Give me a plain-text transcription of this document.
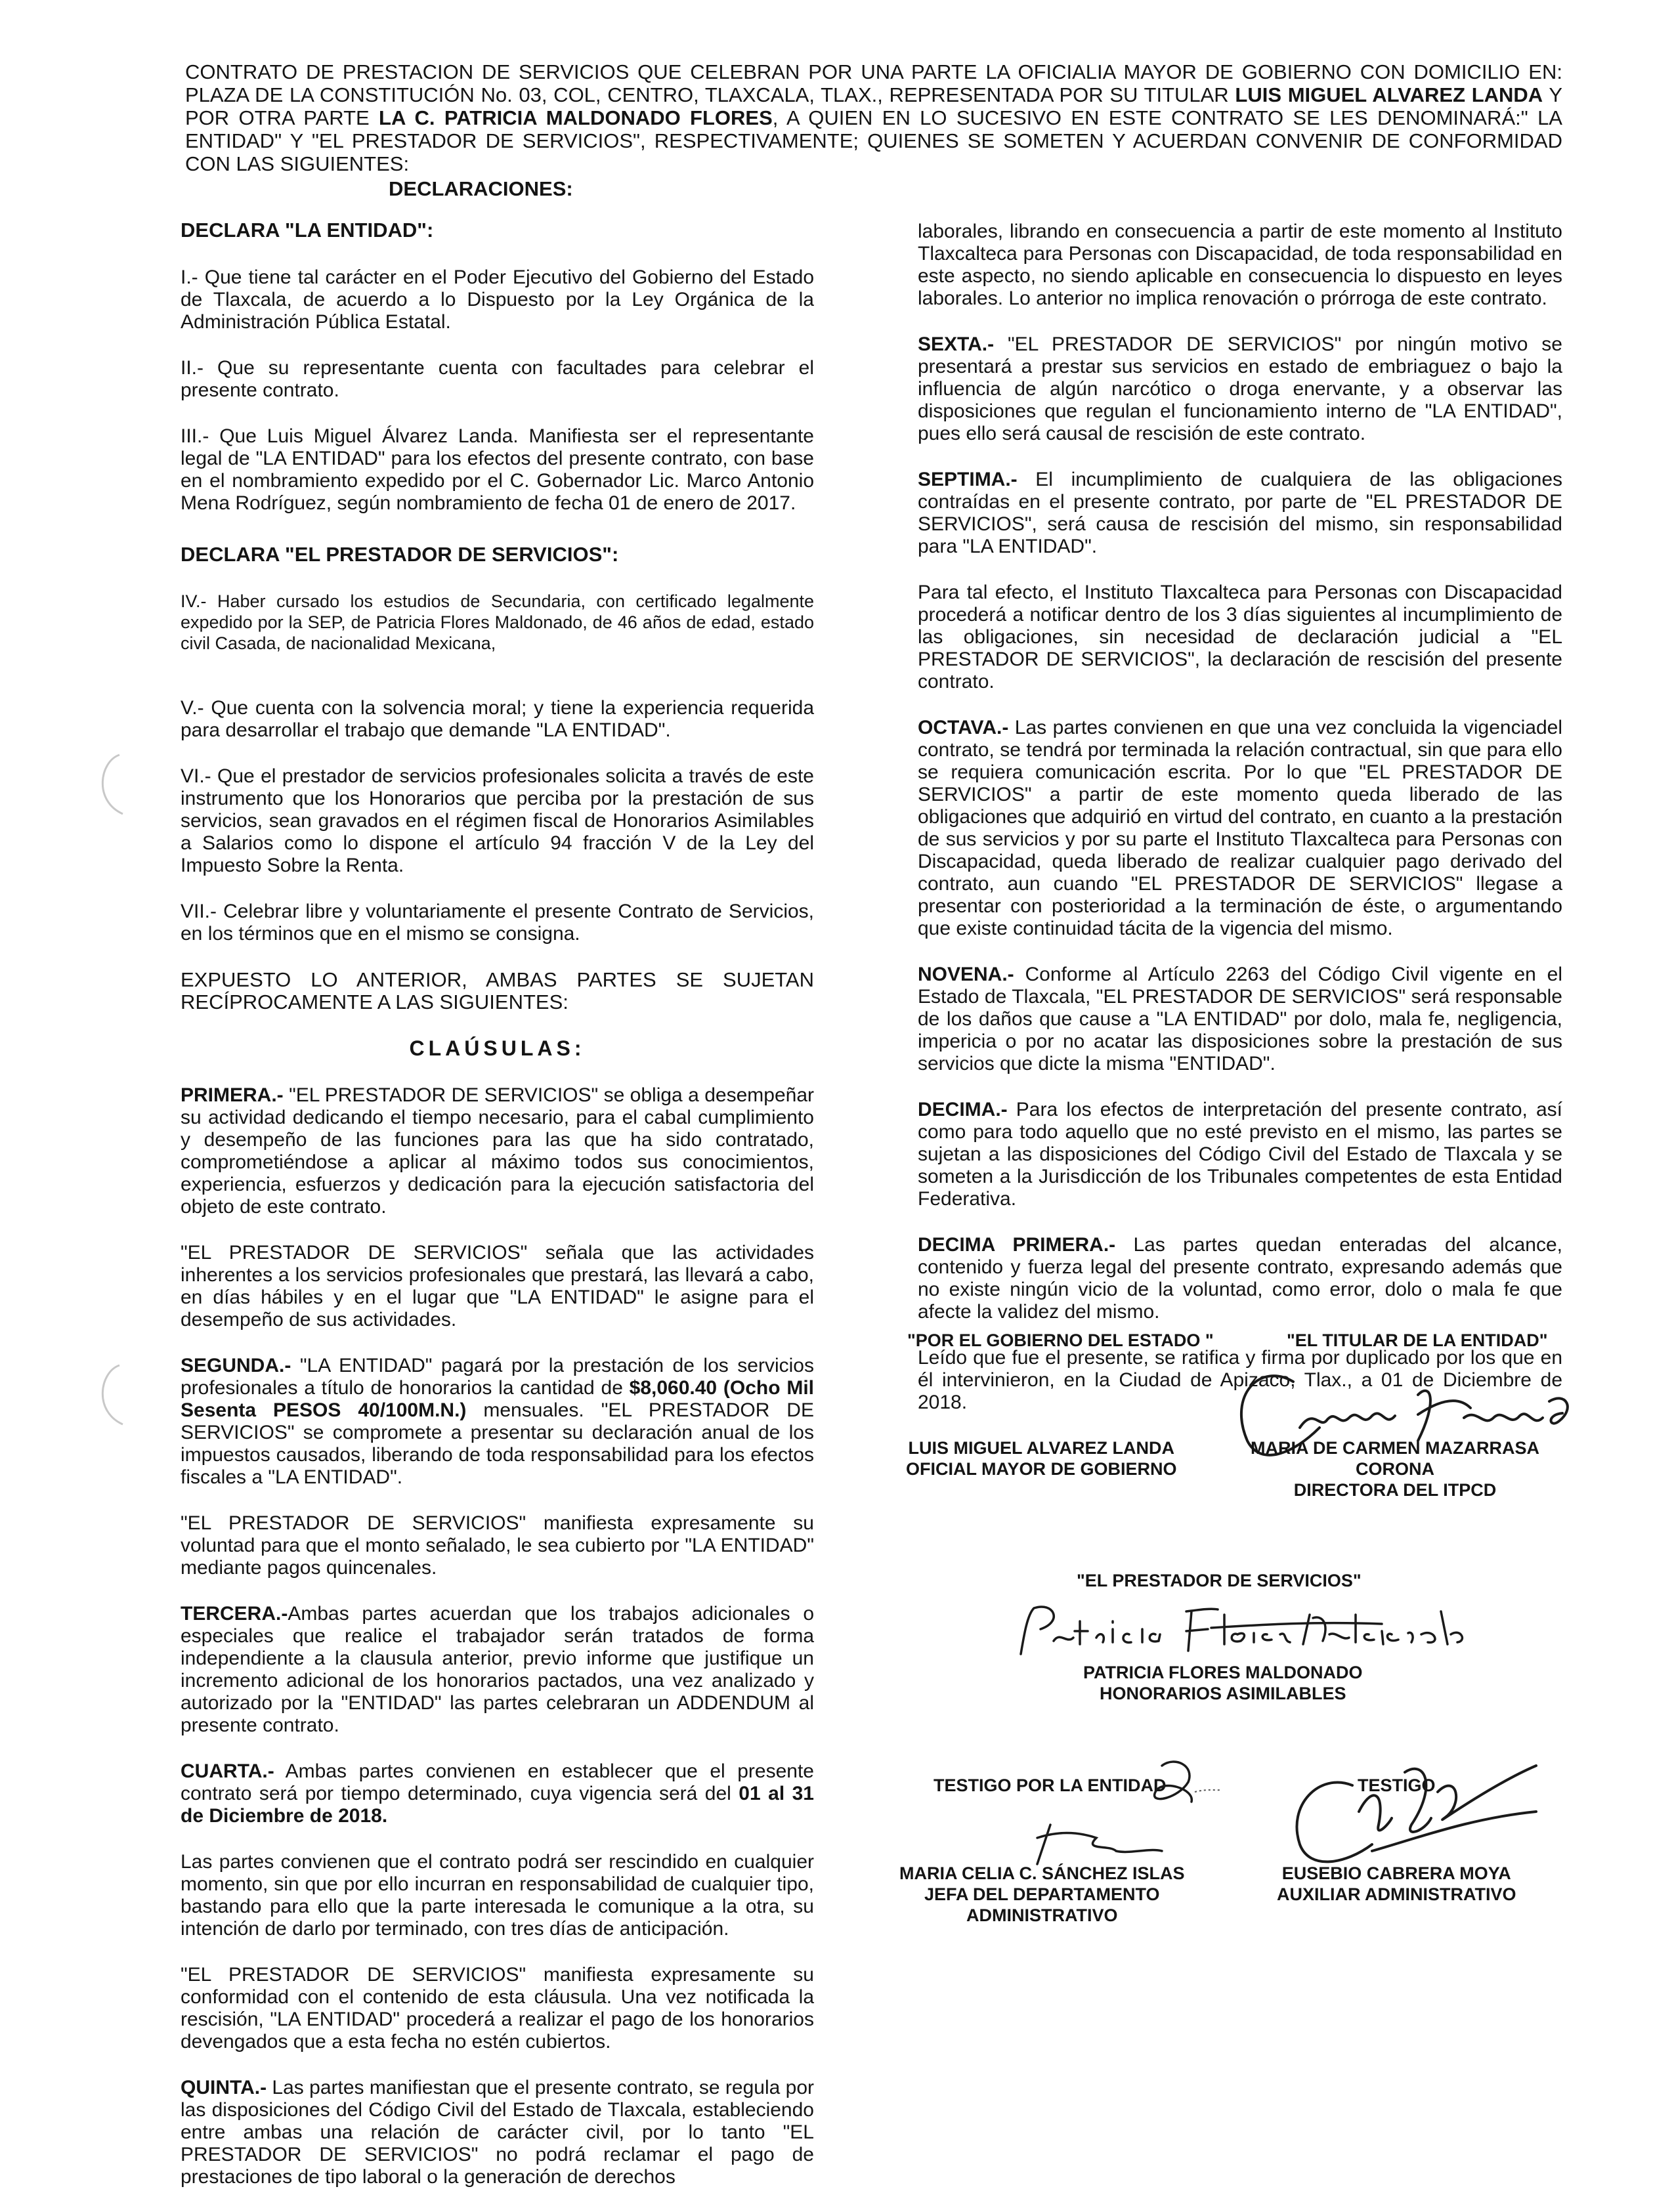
CONTRATO DE PRESTACION DE SERVICIOS QUE CELEBRAN POR UNA PARTE LA OFICIALIA MAYOR DE GOBIERNO CON DOMICILIO EN: PLAZA DE LA CONSTITUCIÓN No. 03, COL, CENTRO, TLAXCALA, TLAX., REPRESENTADA POR SU TITULAR LUIS MIGUEL ALVAREZ LANDA Y POR OTRA PARTE LA C. PATRICIA MALDONADO FLORES, A QUIEN EN LO SUCESIVO EN ESTE CONTRATO SE LES DENOMINARÁ:" LA ENTIDAD" Y "EL PRESTADOR DE SERVICIOS", RESPECTIVAMENTE; QUIENES SE SOMETEN Y ACUERDAN CONVENIR DE CONFORMIDAD CON LAS SIGUIENTES:
DECLARACIONES:

DECLARA "LA ENTIDAD":

I.- Que tiene tal carácter en el Poder Ejecutivo del Gobierno del Estado de Tlaxcala, de acuerdo a lo Dispuesto por la Ley Orgánica de la Administración Pública Estatal.

II.- Que su representante cuenta con facultades para celebrar el presente contrato.

III.- Que Luis Miguel Álvarez Landa. Manifiesta ser el representante legal de "LA ENTIDAD" para los efectos del presente contrato, con base en el nombramiento expedido por el C. Gobernador Lic. Marco Antonio Mena Rodríguez, según nombramiento de fecha 01 de enero de 2017.

DECLARA "EL PRESTADOR DE SERVICIOS":

IV.- Haber cursado los estudios de Secundaria, con certificado legalmente expedido por la SEP, de Patricia Flores Maldonado, de 46 años de edad, estado civil Casada, de nacionalidad Mexicana,

V.- Que cuenta con la solvencia moral; y tiene la experiencia requerida para desarrollar el trabajo que demande "LA ENTIDAD".

VI.- Que el prestador de servicios profesionales solicita a través de este instrumento que los Honorarios que perciba por la prestación de sus servicios, sean gravados en el régimen fiscal de Honorarios Asimilables a Salarios como lo dispone el artículo 94 fracción V de la Ley del Impuesto Sobre la Renta.

VII.- Celebrar libre y voluntariamente el presente Contrato de Servicios, en los términos que en el mismo se consigna.

EXPUESTO LO ANTERIOR, AMBAS PARTES SE SUJETAN RECÍPROCAMENTE A LAS SIGUIENTES:

CLAÚSULAS:

PRIMERA.- "EL PRESTADOR DE SERVICIOS" se obliga a desempeñar su actividad dedicando el tiempo necesario, para el cabal cumplimiento y desempeño de las funciones para las que ha sido contratado, comprometiéndose a aplicar al máximo todos sus conocimientos, experiencia, esfuerzos y dedicación para la ejecución satisfactoria del objeto de este contrato.

"EL PRESTADOR DE SERVICIOS" señala que las actividades inherentes a los servicios profesionales que prestará, las llevará a cabo, en días hábiles y en el lugar que "LA ENTIDAD" le asigne para el desempeño de sus actividades.

SEGUNDA.- "LA ENTIDAD" pagará por la prestación de los servicios profesionales a título de honorarios la cantidad de $8,060.40 (Ocho Mil Sesenta PESOS 40/100M.N.) mensuales. "EL PRESTADOR DE SERVICIOS" se compromete a presentar su declaración anual de los impuestos causados, liberando de toda responsabilidad para los efectos fiscales a "LA ENTIDAD".

"EL PRESTADOR DE SERVICIOS" manifiesta expresamente su voluntad para que el monto señalado, le sea cubierto por "LA ENTIDAD" mediante pagos quincenales.

TERCERA.-Ambas partes acuerdan que los trabajos adicionales o especiales que realice el trabajador serán tratados de forma independiente a la clausula anterior, previo informe que justifique un incremento adicional de los honorarios pactados, una vez analizado y autorizado por la "ENTIDAD" las partes celebraran un ADDENDUM al presente contrato.

CUARTA.- Ambas partes convienen en establecer que el presente contrato será por tiempo determinado, cuya vigencia será del 01 al 31 de Diciembre de 2018.

Las partes convienen que el contrato podrá ser rescindido en cualquier momento, sin que por ello incurran en responsabilidad de cualquier tipo, bastando para ello que la parte interesada le comunique a la otra, su intención de darlo por terminado, con tres días de anticipación.

"EL PRESTADOR DE SERVICIOS" manifiesta expresamente su conformidad con el contenido de esta cláusula. Una vez notificada la rescisión, "LA ENTIDAD" procederá a realizar el pago de los honorarios devengados que a esta fecha no estén cubiertos.

QUINTA.- Las partes manifiestan que el presente contrato, se regula por las disposiciones del Código Civil del Estado de Tlaxcala, estableciendo entre ambas una relación de carácter civil, por lo tanto "EL PRESTADOR DE SERVICIOS" no podrá reclamar el pago de prestaciones de tipo laboral o la generación de derechos

laborales, librando en consecuencia a partir de este momento al Instituto Tlaxcalteca para Personas con Discapacidad, de toda responsabilidad en este aspecto, no siendo aplicable en consecuencia lo dispuesto en leyes laborales. Lo anterior no implica renovación o prórroga de este contrato.

SEXTA.- "EL PRESTADOR DE SERVICIOS" por ningún motivo se presentará a prestar sus servicios en estado de embriaguez o bajo la influencia de algún narcótico o droga enervante, y a observar las disposiciones que regulan el funcionamiento interno de "LA ENTIDAD", pues ello será causal de rescisión de este contrato.

SEPTIMA.- El incumplimiento de cualquiera de las obligaciones contraídas en el presente contrato, por parte de "EL PRESTADOR DE SERVICIOS", será causa de rescisión del mismo, sin responsabilidad para "LA ENTIDAD".

Para tal efecto, el Instituto Tlaxcalteca para Personas con Discapacidad procederá a notificar dentro de los 3 días siguientes al incumplimiento de las obligaciones, sin necesidad de declaración judicial a "EL PRESTADOR DE SERVICIOS", la declaración de rescisión del presente contrato.

OCTAVA.- Las partes convienen en que una vez concluida la vigenciadel contrato, se tendrá por terminada la relación contractual, sin que para ello se requiera comunicación escrita. Por lo que "EL PRESTADOR DE SERVICIOS" a partir de este momento queda liberado de las obligaciones que adquirió en virtud del contrato, en cuanto a la prestación de sus servicios y por su parte el Instituto Tlaxcalteca para Personas con Discapacidad, queda liberado de realizar cualquier pago derivado del contrato, aun cuando "EL PRESTADOR DE SERVICIOS" llegase a presentar con posterioridad a la terminación de éste, o argumentando que existe continuidad tácita de la vigencia del mismo.

NOVENA.- Conforme al Artículo 2263 del Código Civil vigente en el Estado de Tlaxcala, "EL PRESTADOR DE SERVICIOS" será responsable de los daños que cause a "LA ENTIDAD" por dolo, mala fe, negligencia, impericia o por no acatar las disposiciones sobre la prestación de sus servicios que dicte la misma "ENTIDAD".

DECIMA.- Para los efectos de interpretación del presente contrato, así como para todo aquello que no esté previsto en el mismo, las partes se sujetan a las disposiciones del Código Civil del Estado de Tlaxcala y se someten a la Jurisdicción de los Tribunales competentes de esta Entidad Federativa.

DECIMA PRIMERA.- Las partes quedan enteradas del alcance, contenido y fuerza legal del presente contrato, expresando además que no existe ningún vicio de la voluntad, como error, dolo o mala fe que afecte la validez del mismo.

Leído que fue el presente, se ratifica y firma por duplicado por los que en él intervinieron, en la Ciudad de Apizaco, Tlax., a 01 de Diciembre de 2018.

"POR EL GOBIERNO DEL ESTADO "	"EL TITULAR DE LA ENTIDAD"
LUIS MIGUEL ALVAREZ LANDA
OFICIAL MAYOR DE GOBIERNO
MARIA DE CARMEN MAZARRASA
CORONA
DIRECTORA DEL ITPCD
"EL PRESTADOR DE SERVICIOS"
PATRICIA FLORES MALDONADO
HONORARIOS ASIMILABLES
TESTIGO POR LA ENTIDAD	TESTIGO
MARIA CELIA C. SÁNCHEZ ISLAS
JEFA DEL DEPARTAMENTO
ADMINISTRATIVO
EUSEBIO CABRERA MOYA
AUXILIAR ADMINISTRATIVO
